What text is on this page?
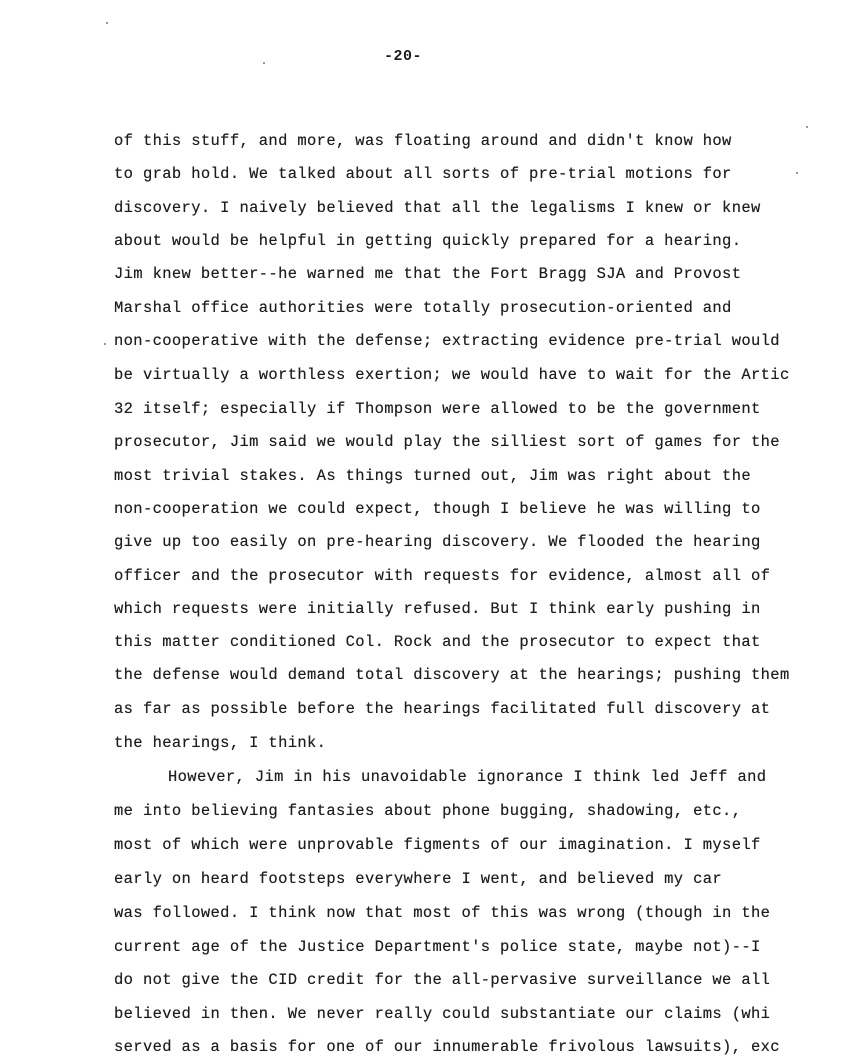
-20-
of this stuff, and more, was floating around and didn't know how
to grab hold. We talked about all sorts of pre-trial motions for
discovery. I naively believed that all the legalisms I knew or knew
about would be helpful in getting quickly prepared for a hearing.
Jim knew better--he warned me that the Fort Bragg SJA and Provost
Marshal office authorities were totally prosecution-oriented and
non-cooperative with the defense; extracting evidence pre-trial would
be virtually a worthless exertion; we would have to wait for the Artic
32 itself; especially if Thompson were allowed to be the government
prosecutor, Jim said we would play the silliest sort of games for the
most trivial stakes. As things turned out, Jim was right about the
non-cooperation we could expect, though I believe he was willing to
give up too easily on pre-hearing discovery. We flooded the hearing
officer and the prosecutor with requests for evidence, almost all of
which requests were initially refused. But I think early pushing in
this matter conditioned Col. Rock and the prosecutor to expect that
the defense would demand total discovery at the hearings; pushing them
as far as possible before the hearings facilitated full discovery at
the hearings, I think.
However, Jim in his unavoidable ignorance I think led Jeff and
me into believing fantasies about phone bugging, shadowing, etc.,
most of which were unprovable figments of our imagination. I myself
early on heard footsteps everywhere I went, and believed my car
was followed. I think now that most of this was wrong (though in the
current age of the Justice Department's police state, maybe not)--I
do not give the CID credit for the all-pervasive surveillance we all
believed in then. We never really could substantiate our claims (whi
served as a basis for one of our innumerable frivolous lawsuits), exc
